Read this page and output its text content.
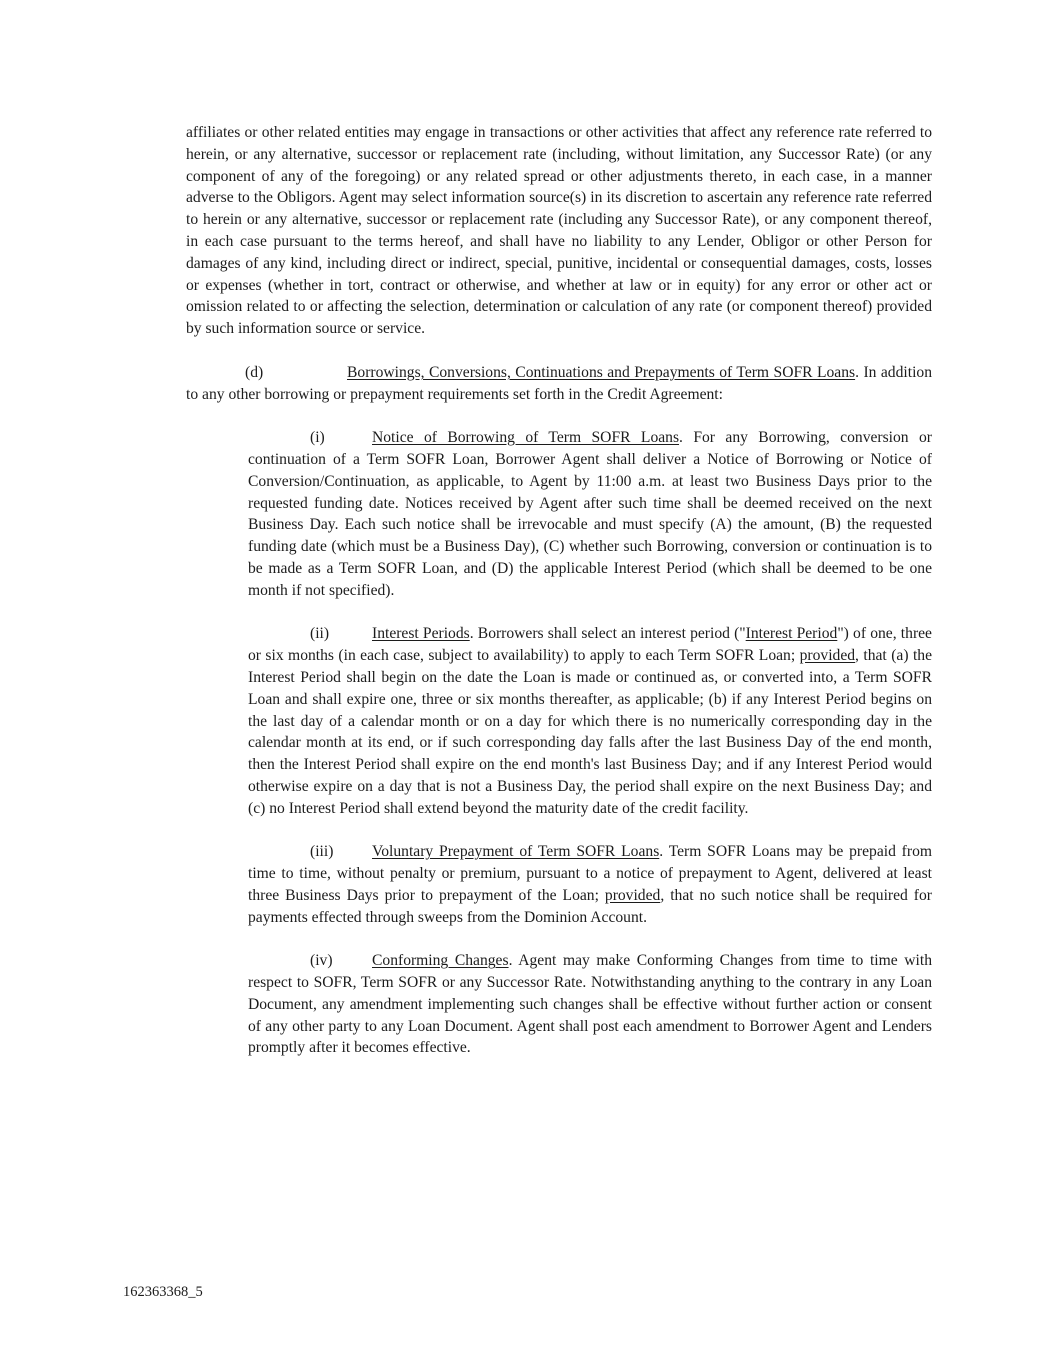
affiliates or other related entities may engage in transactions or other activities that affect any reference rate referred to herein, or any alternative, successor or replacement rate (including, without limitation, any Successor Rate) (or any component of any of the foregoing) or any related spread or other adjustments thereto, in each case, in a manner adverse to the Obligors. Agent may select information source(s) in its discretion to ascertain any reference rate referred to herein or any alternative, successor or replacement rate (including any Successor Rate), or any component thereof, in each case pursuant to the terms hereof, and shall have no liability to any Lender, Obligor or other Person for damages of any kind, including direct or indirect, special, punitive, incidental or consequential damages, costs, losses or expenses (whether in tort, contract or otherwise, and whether at law or in equity) for any error or other act or omission related to or affecting the selection, determination or calculation of any rate (or component thereof) provided by such information source or service.

(d)	Borrowings, Conversions, Continuations and Prepayments of Term SOFR Loans. In addition to any other borrowing or prepayment requirements set forth in the Credit Agreement:

(i)	Notice of Borrowing of Term SOFR Loans. For any Borrowing, conversion or continuation of a Term SOFR Loan, Borrower Agent shall deliver a Notice of Borrowing or Notice of Conversion/Continuation, as applicable, to Agent by 11:00 a.m. at least two Business Days prior to the requested funding date. Notices received by Agent after such time shall be deemed received on the next Business Day. Each such notice shall be irrevocable and must specify (A) the amount, (B) the requested funding date (which must be a Business Day), (C) whether such Borrowing, conversion or continuation is to be made as a Term SOFR Loan, and (D) the applicable Interest Period (which shall be deemed to be one month if not specified).

(ii)	Interest Periods. Borrowers shall select an interest period ("Interest Period") of one, three or six months (in each case, subject to availability) to apply to each Term SOFR Loan; provided, that (a) the Interest Period shall begin on the date the Loan is made or continued as, or converted into, a Term SOFR Loan and shall expire one, three or six months thereafter, as applicable; (b) if any Interest Period begins on the last day of a calendar month or on a day for which there is no numerically corresponding day in the calendar month at its end, or if such corresponding day falls after the last Business Day of the end month, then the Interest Period shall expire on the end month's last Business Day; and if any Interest Period would otherwise expire on a day that is not a Business Day, the period shall expire on the next Business Day; and (c) no Interest Period shall extend beyond the maturity date of the credit facility.

(iii) Voluntary Prepayment of Term SOFR Loans. Term SOFR Loans may be prepaid from time to time, without penalty or premium, pursuant to a notice of prepayment to Agent, delivered at least three Business Days prior to prepayment of the Loan; provided, that no such notice shall be required for payments effected through sweeps from the Dominion Account.

(iv)	Conforming Changes. Agent may make Conforming Changes from time to time with respect to SOFR, Term SOFR or any Successor Rate. Notwithstanding anything to the contrary in any Loan Document, any amendment implementing such changes shall be effective without further action or consent of any other party to any Loan Document. Agent shall post each amendment to Borrower Agent and Lenders promptly after it becomes effective.

162363368_5
